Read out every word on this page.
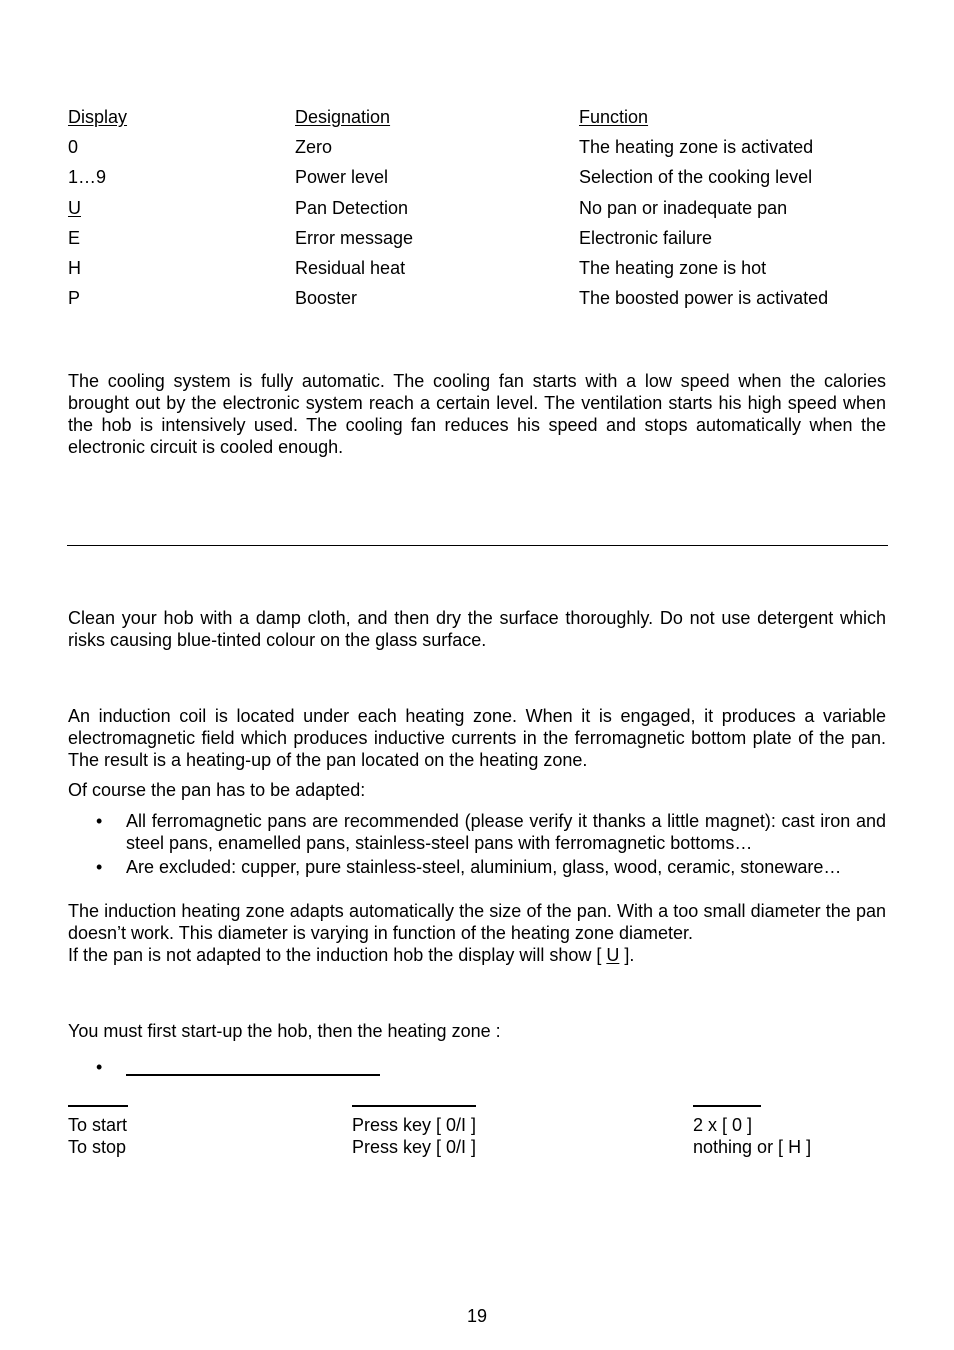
Display	Designation	Function
0	Zero	The heating zone is activated
1…9	Power level	Selection of the cooking level
U	Pan Detection	No pan or inadequate pan
E	Error message	Electronic failure
H	Residual heat	The heating zone is hot
P	Booster	The boosted power is activated

The cooling system is fully automatic. The cooling fan starts with a low speed when the calories brought out by the electronic system reach a certain level. The ventilation starts his high speed when the hob is intensively used. The cooling fan reduces his speed and stops automatically when the electronic circuit is cooled enough.

Clean your hob with a damp cloth, and then dry the surface thoroughly. Do not use detergent which risks causing blue-tinted colour on the glass surface.

An induction coil is located under each heating zone. When it is engaged, it produces a variable electromagnetic field which produces inductive currents in the ferromagnetic bottom plate of the pan. The result is a heating-up of the pan located on the heating zone.

Of course the pan has to be adapted:

• All ferromagnetic pans are recommended (please verify it thanks a little magnet): cast iron and steel pans, enamelled pans, stainless-steel pans with ferromagnetic bottoms…
• Are excluded: cupper, pure stainless-steel, aluminium, glass, wood, ceramic, stoneware…

The induction heating zone adapts automatically the size of the pan. With a too small diameter the pan doesn’t work. This diameter is varying in function of the heating zone diameter.

If the pan is not adapted to the induction hob the display will show [ U ].

You must first start-up the hob, then the heating zone :

•
To start	Press key [ 0/I ]	2 x [ 0 ]
To stop	Press key [ 0/I ]	nothing or [ H ]
19
